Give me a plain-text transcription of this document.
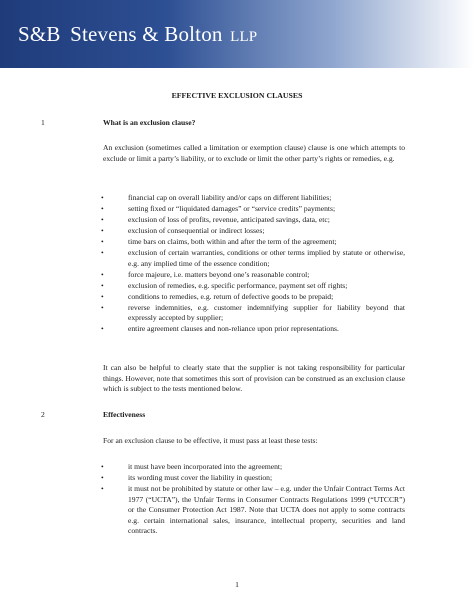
S&B Stevens & Bolton LLP
EFFECTIVE EXCLUSION CLAUSES
1	What is an exclusion clause?
An exclusion (sometimes called a limitation or exemption clause) clause is one which attempts to exclude or limit a party’s liability, or to exclude or limit the other party’s rights or remedies, e.g.
•	financial cap on overall liability and/or caps on different liabilities;
•	setting fixed or “liquidated damages” or “service credits” payments;
•	exclusion of loss of profits, revenue, anticipated savings, data, etc;
•	exclusion of consequential or indirect losses;
•	time bars on claims, both within and after the term of the agreement;
•	exclusion of certain warranties, conditions or other terms implied by statute or otherwise, e.g. any implied time of the essence condition;
•	force majeure, i.e. matters beyond one’s reasonable control;
•	exclusion of remedies, e.g. specific performance, payment set off rights;
•	conditions to remedies, e.g. return of defective goods to be prepaid;
•	reverse indemnities, e.g. customer indemnifying supplier for liability beyond that expressly accepted by supplier;
•	entire agreement clauses and non-reliance upon prior representations.
It can also be helpful to clearly state that the supplier is not taking responsibility for particular things. However, note that sometimes this sort of provision can be construed as an exclusion clause which is subject to the tests mentioned below.
2	Effectiveness
For an exclusion clause to be effective, it must pass at least these tests:
•	it must have been incorporated into the agreement;
•	its wording must cover the liability in question;
•	it must not be prohibited by statute or other law – e.g. under the Unfair Contract Terms Act 1977 (“UCTA”), the Unfair Terms in Consumer Contracts Regulations 1999 (“UTCCR”) or the Consumer Protection Act 1987. Note that UCTA does not apply to some contracts e.g. certain international sales, insurance, intellectual property, securities and land contracts.
1
